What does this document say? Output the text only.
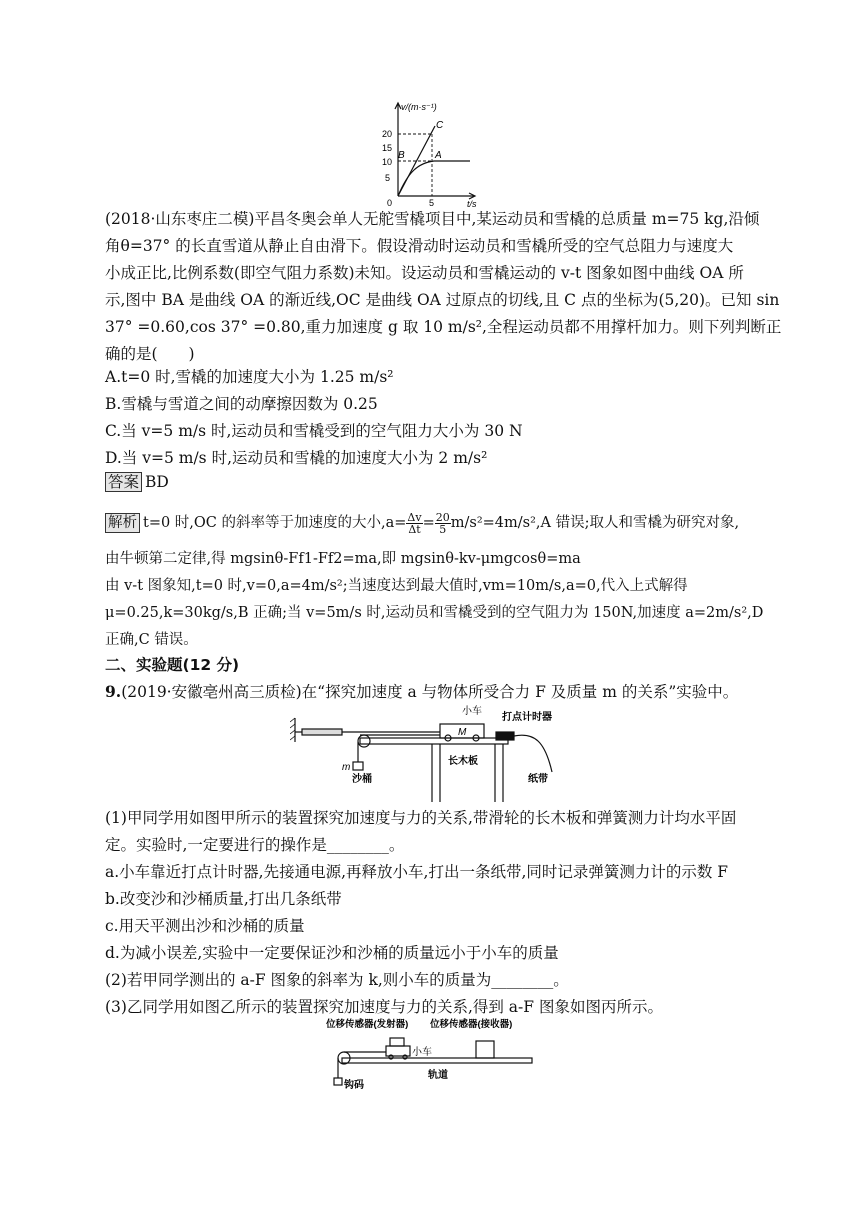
v/(m·s⁻¹)
t/s
20
15
10
5
0	5
B	A
C
(2018·山东枣庄二模)平昌冬奥会单人无舵雪橇项目中,某运动员和雪橇的总质量 m=75 kg,沿倾
角θ=37° 的长直雪道从静止自由滑下。假设滑动时运动员和雪橇所受的空气总阻力与速度大
小成正比,比例系数(即空气阻力系数)未知。设运动员和雪橇运动的 v-t 图象如图中曲线 OA 所
示,图中 BA 是曲线 OA 的渐近线,OC 是曲线 OA 过原点的切线,且 C 点的坐标为(5,20)。已知 sin
37° =0.60,cos 37° =0.80,重力加速度 g 取 10 m/s²,全程运动员都不用撑杆加力。则下列判断正
确的是(　　)
A.t=0 时,雪橇的加速度大小为 1.25 m/s²
B.雪橇与雪道之间的动摩擦因数为 0.25
C.当 v=5 m/s 时,运动员和雪橇受到的空气阻力大小为 30 N
D.当 v=5 m/s 时,运动员和雪橇的加速度大小为 2 m/s²
答案 BD
解析 t=0 时,OC 的斜率等于加速度的大小$,a= \frac{\Delta v}{\Delta t} = \frac{20}{5} m/s^2=4m/s^2,A$ 错误;取人和雪橇为研究对象,
由牛顿第二定律,得 mgsinθ-Ff1-Ff2=ma,即 mgsinθ-kv-μmgcosθ=ma
由 v-t 图象知,t=0 时,v=0,a=4m/s²;当速度达到最大值时,vm=10m/s,a=0,代入上式解得
μ=0.25,k=30kg/s,B 正确;当 v=5m/s 时,运动员和雪橇受到的空气阻力为 150N,加速度 a=2m/s²,D
正确,C 错误。
二、实验题(12 分)
9.(2019·安徽亳州高三质检)在“探究加速度 a 与物体所受合力 F 及质量 m 的关系”实验中。
小车
打点计时器
M
m
沙桶
长木板
纸带
(1)甲同学用如图甲所示的装置探究加速度与力的关系,带滑轮的长木板和弹簧测力计均水平固
定。实验时,一定要进行的操作是________。
a.小车靠近打点计时器,先接通电源,再释放小车,打出一条纸带,同时记录弹簧测力计的示数 F
b.改变沙和沙桶质量,打出几条纸带
c.用天平测出沙和沙桶的质量
d.为减小误差,实验中一定要保证沙和沙桶的质量远小于小车的质量
(2)若甲同学测出的 a-F 图象的斜率为 k,则小车的质量为________。
(3)乙同学用如图乙所示的装置探究加速度与力的关系,得到 a-F 图象如图丙所示。
位移传感器(发射器) 位移传感器(接收器)
小车
轨道
钩码
